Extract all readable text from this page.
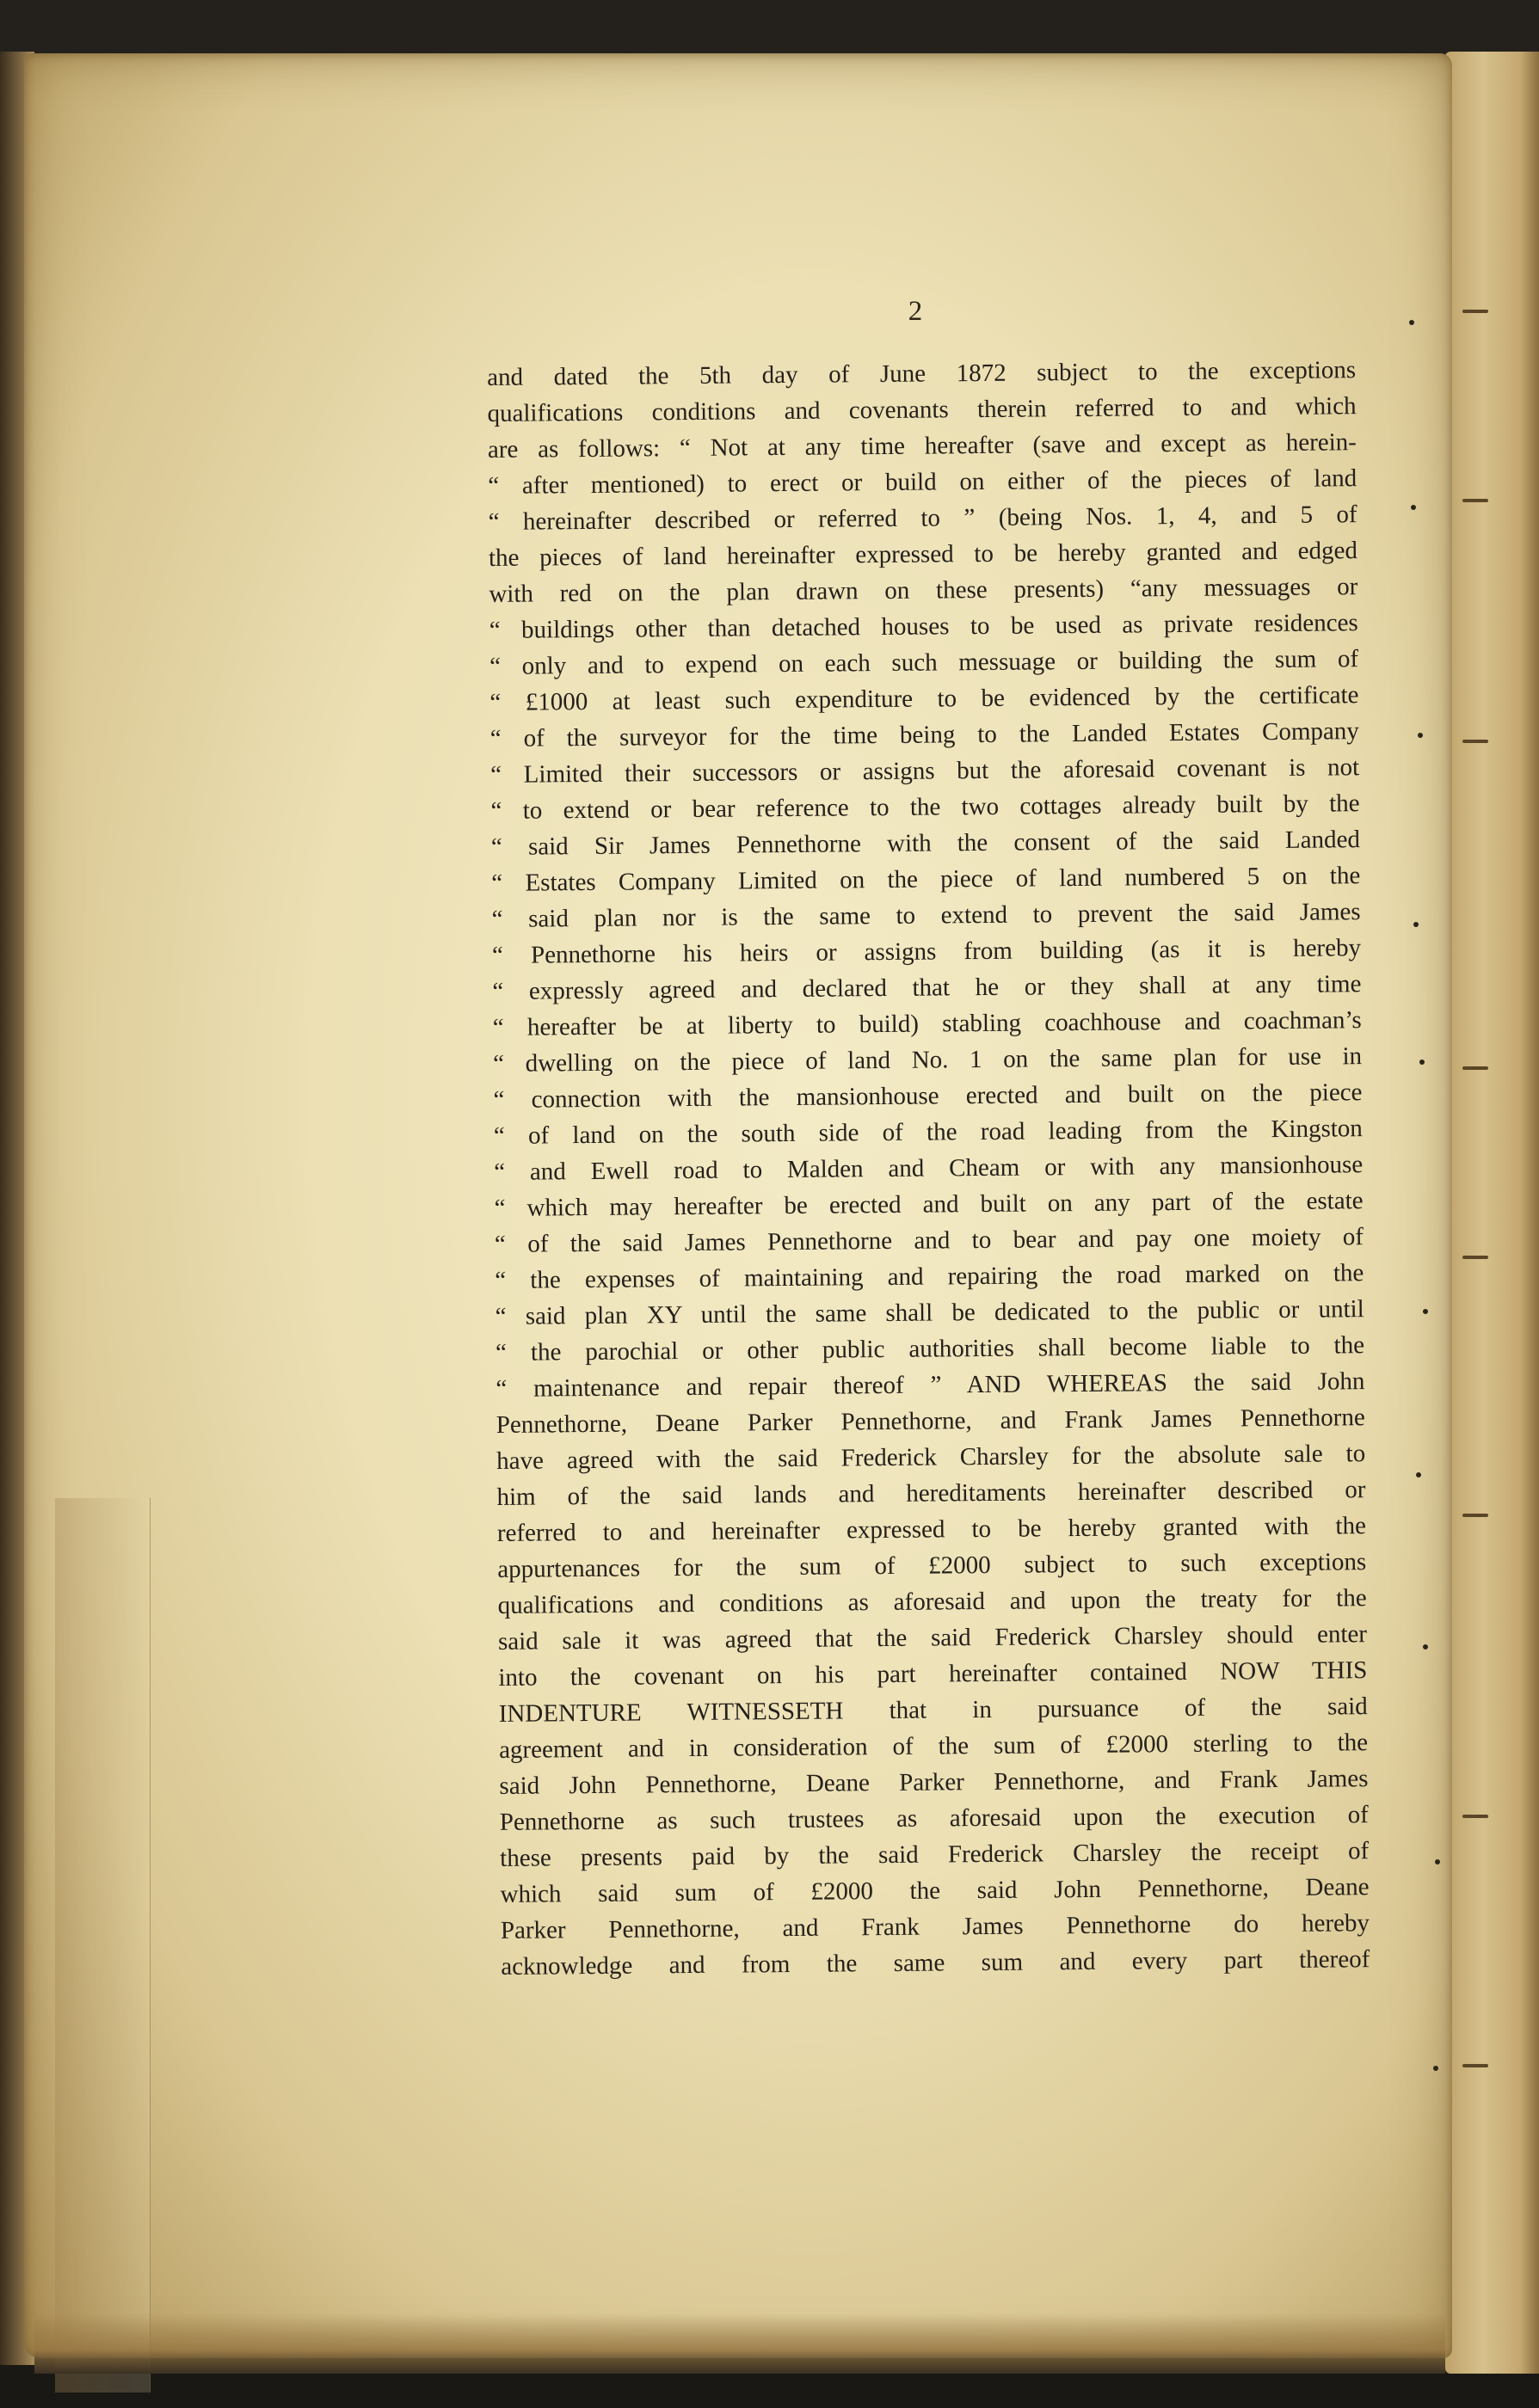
2
and dated the 5th day of June 1872 subject to the exceptions
qualifications conditions and covenants therein referred to and which
are as follows: “ Not at any time hereafter (save and except as herein-
“ after mentioned) to erect or build on either of the pieces of land
“ hereinafter described or referred to ” (being Nos. 1, 4, and 5 of
the pieces of land hereinafter expressed to be hereby granted and edged
with red on the plan drawn on these presents) “any messuages or
“ buildings other than detached houses to be used as private residences
“ only and to expend on each such messuage or building the sum of
“ £1000 at least such expenditure to be evidenced by the certificate
“ of the surveyor for the time being to the Landed Estates Company
“ Limited their successors or assigns but the aforesaid covenant is not
“ to extend or bear reference to the two cottages already built by the
“ said Sir James Pennethorne with the consent of the said Landed
“ Estates Company Limited on the piece of land numbered 5 on the
“ said plan nor is the same to extend to prevent the said James
“ Pennethorne his heirs or assigns from building (as it is hereby
“ expressly agreed and declared that he or they shall at any time
“ hereafter be at liberty to build) stabling coachhouse and coachman’s
“ dwelling on the piece of land No. 1 on the same plan for use in
“ connection with the mansionhouse erected and built on the piece
“ of land on the south side of the road leading from the Kingston
“ and Ewell road to Malden and Cheam or with any mansionhouse
“ which may hereafter be erected and built on any part of the estate
“ of the said James Pennethorne and to bear and pay one moiety of
“ the expenses of maintaining and repairing the road marked on the
“ said plan XY until the same shall be dedicated to the public or until
“ the parochial or other public authorities shall become liable to the
“ maintenance and repair thereof ” AND WHEREAS the said John
Pennethorne, Deane Parker Pennethorne, and Frank James Pennethorne
have agreed with the said Frederick Charsley for the absolute sale to
him of the said lands and hereditaments hereinafter described or
referred to and hereinafter expressed to be hereby granted with the
appurtenances for the sum of £2000 subject to such exceptions
qualifications and conditions as aforesaid and upon the treaty for the
said sale it was agreed that the said Frederick Charsley should enter
into the covenant on his part hereinafter contained NOW THIS
INDENTURE WITNESSETH that in pursuance of the said
agreement and in consideration of the sum of £2000 sterling to the
said John Pennethorne, Deane Parker Pennethorne, and Frank James
Pennethorne as such trustees as aforesaid upon the execution of
these presents paid by the said Frederick Charsley the receipt of
which said sum of £2000 the said John Pennethorne, Deane
Parker Pennethorne, and Frank James Pennethorne do hereby
acknowledge and from the same sum and every part thereof
